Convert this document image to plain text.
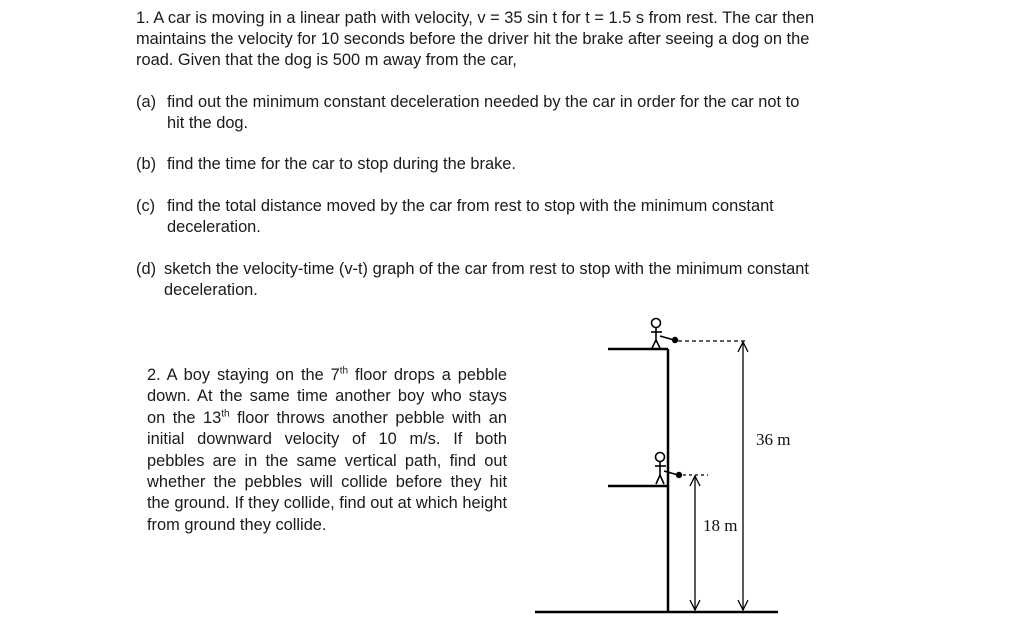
1. A car is moving in a linear path with velocity, v = 35 sin t for t = 1.5 s from rest. The car then

maintains the velocity for 10 seconds before the driver hit the brake after seeing a dog on the

road. Given that the dog is 500 m away from the car,

(a) find out the minimum constant deceleration needed by the car in order for the car not to
hit the dog.
(b) find the time for the car to stop during the brake.
(c) find the total distance moved by the car from rest to stop with the minimum constant
deceleration.
(d) sketch the velocity-time (v-t) graph of the car from rest to stop with the minimum constant
deceleration.
2. A boy staying on the 7th floor drops a pebble down. At the same time another boy who stays on the 13th floor throws another pebble with an initial downward velocity of 10 m/s. If both pebbles are in the same vertical path, find out whether the pebbles will collide before they hit the ground. If they collide, find out at which height from ground they collide.
36 m
18 m
